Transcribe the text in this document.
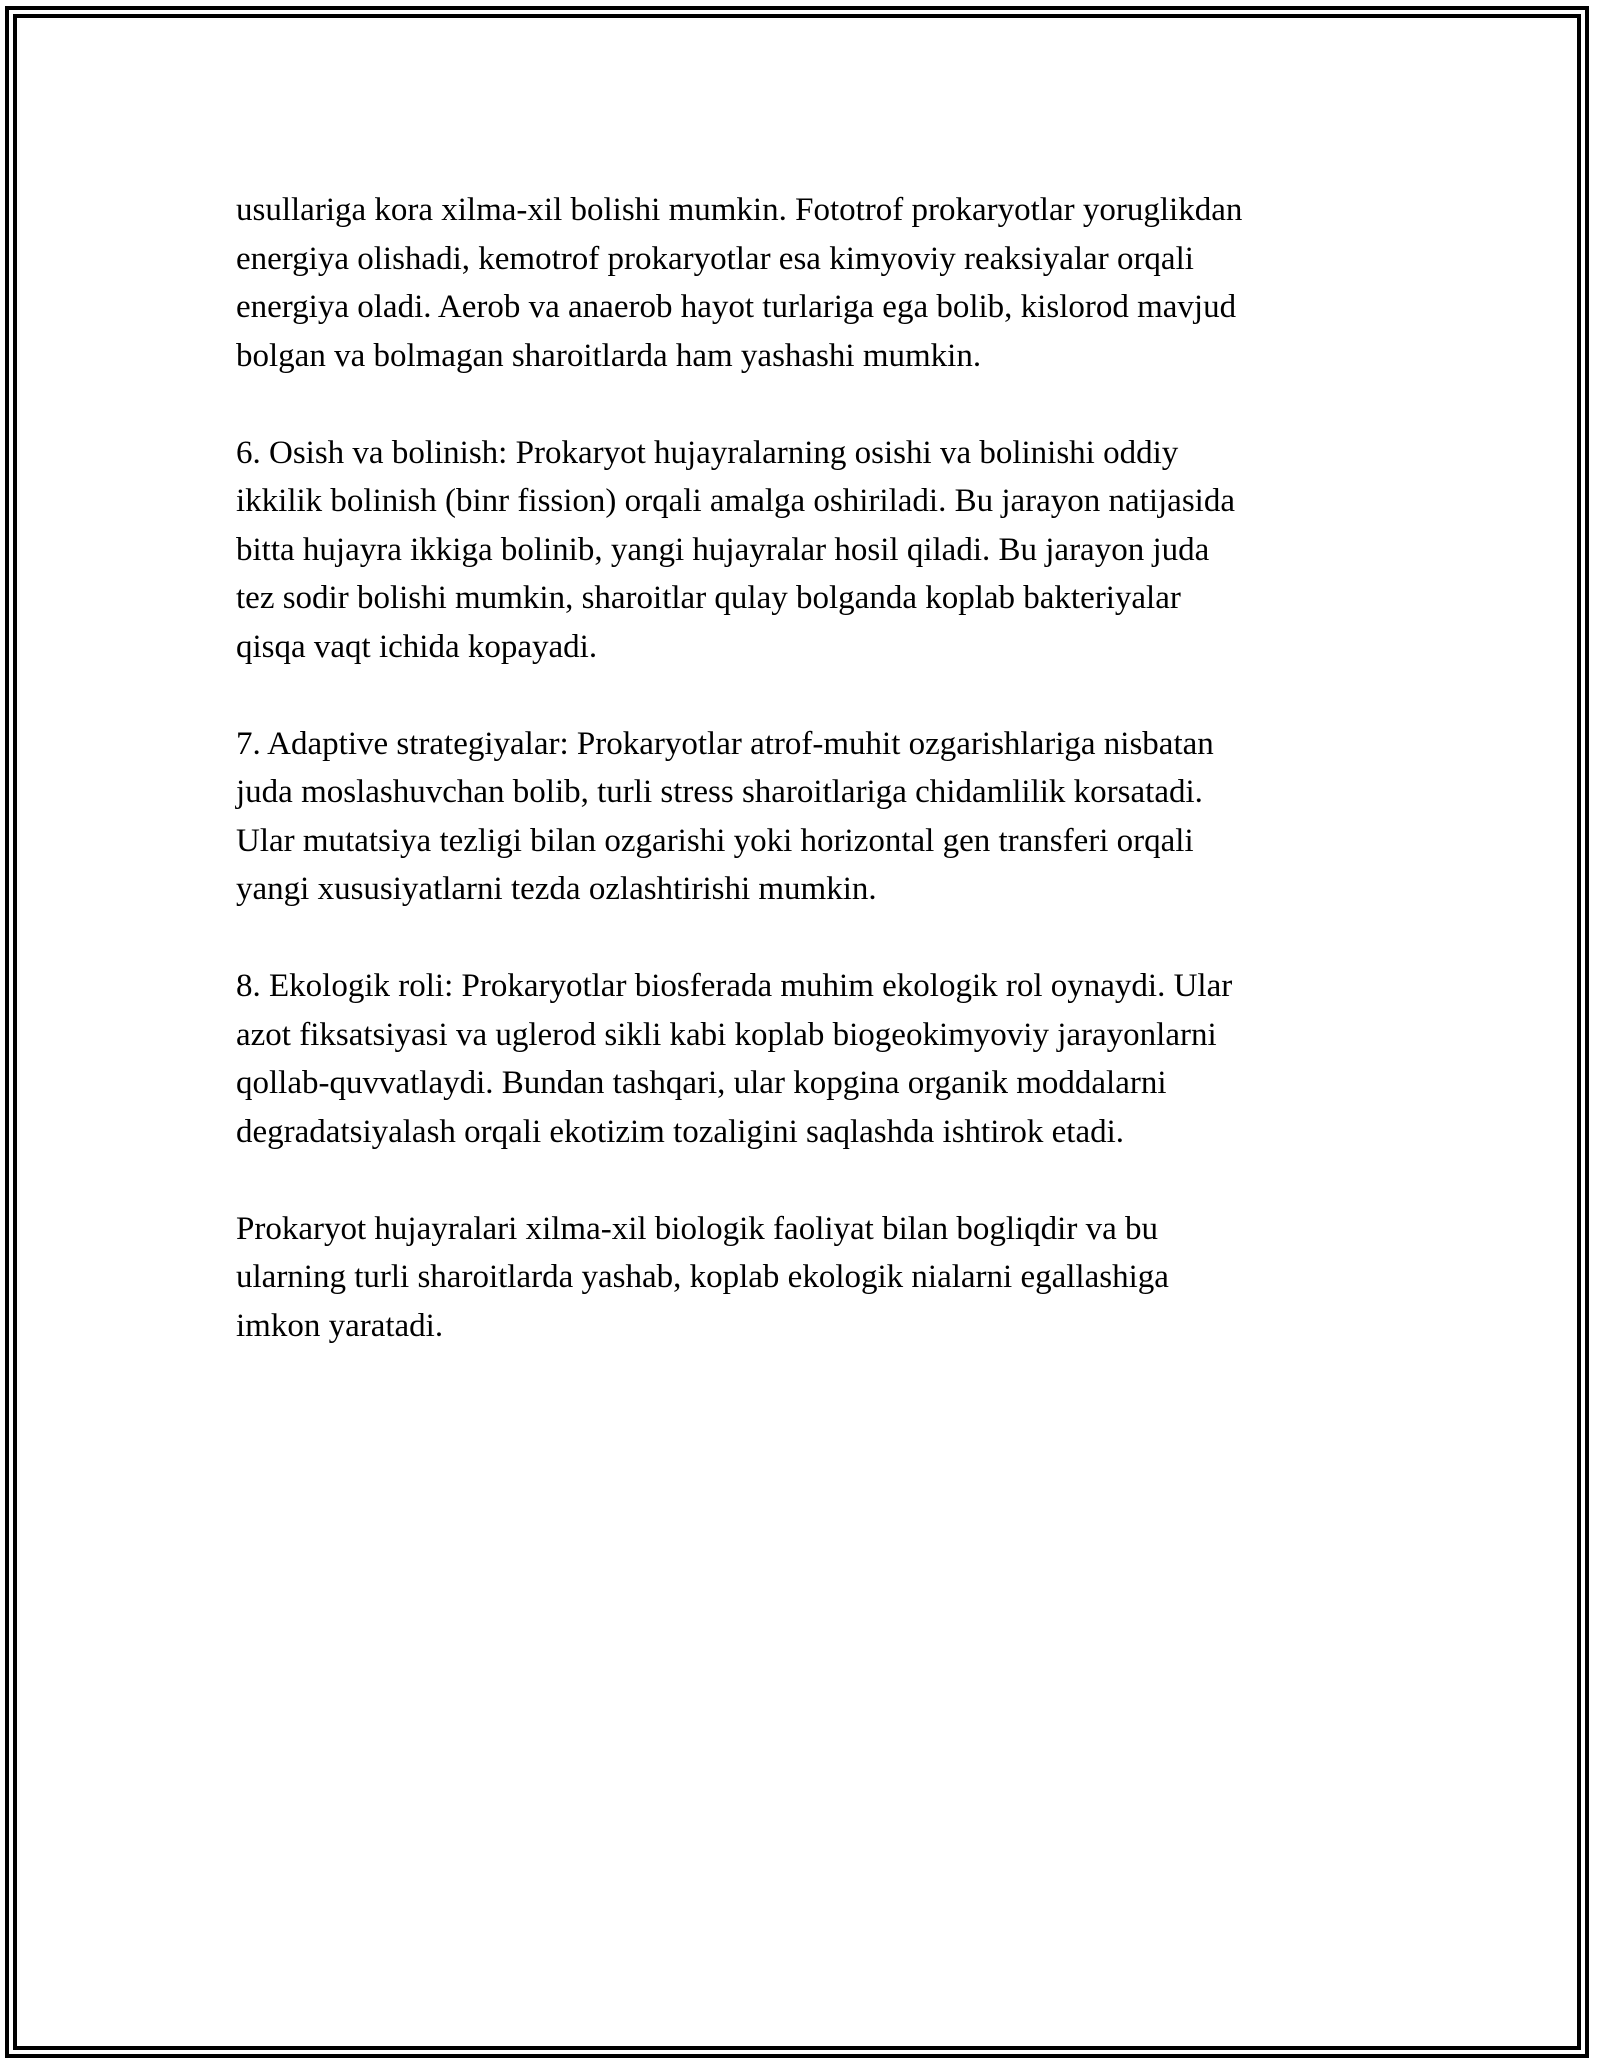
usullariga kora xilma-xil bolishi mumkin. Fototrof prokaryotlar yoruglikdan
energiya olishadi, kemotrof prokaryotlar esa kimyoviy reaksiyalar orqali
energiya oladi. Aerob va anaerob hayot turlariga ega bolib, kislorod mavjud
bolgan va bolmagan sharoitlarda ham yashashi mumkin.

6. Osish va bolinish: Prokaryot hujayralarning osishi va bolinishi oddiy
ikkilik bolinish (binr fission) orqali amalga oshiriladi. Bu jarayon natijasida
bitta hujayra ikkiga bolinib, yangi hujayralar hosil qiladi. Bu jarayon juda
tez sodir bolishi mumkin, sharoitlar qulay bolganda koplab bakteriyalar
qisqa vaqt ichida kopayadi.

7. Adaptive strategiyalar: Prokaryotlar atrof-muhit ozgarishlariga nisbatan
juda moslashuvchan bolib, turli stress sharoitlariga chidamlilik korsatadi.
Ular mutatsiya tezligi bilan ozgarishi yoki horizontal gen transferi orqali
yangi xususiyatlarni tezda ozlashtirishi mumkin.

8. Ekologik roli: Prokaryotlar biosferada muhim ekologik rol oynaydi. Ular
azot fiksatsiyasi va uglerod sikli kabi koplab biogeokimyoviy jarayonlarni
qollab-quvvatlaydi. Bundan tashqari, ular kopgina organik moddalarni
degradatsiyalash orqali ekotizim tozaligini saqlashda ishtirok etadi.

Prokaryot hujayralari xilma-xil biologik faoliyat bilan bogliqdir va bu
ularning turli sharoitlarda yashab, koplab ekologik nialarni egallashiga
imkon yaratadi.
